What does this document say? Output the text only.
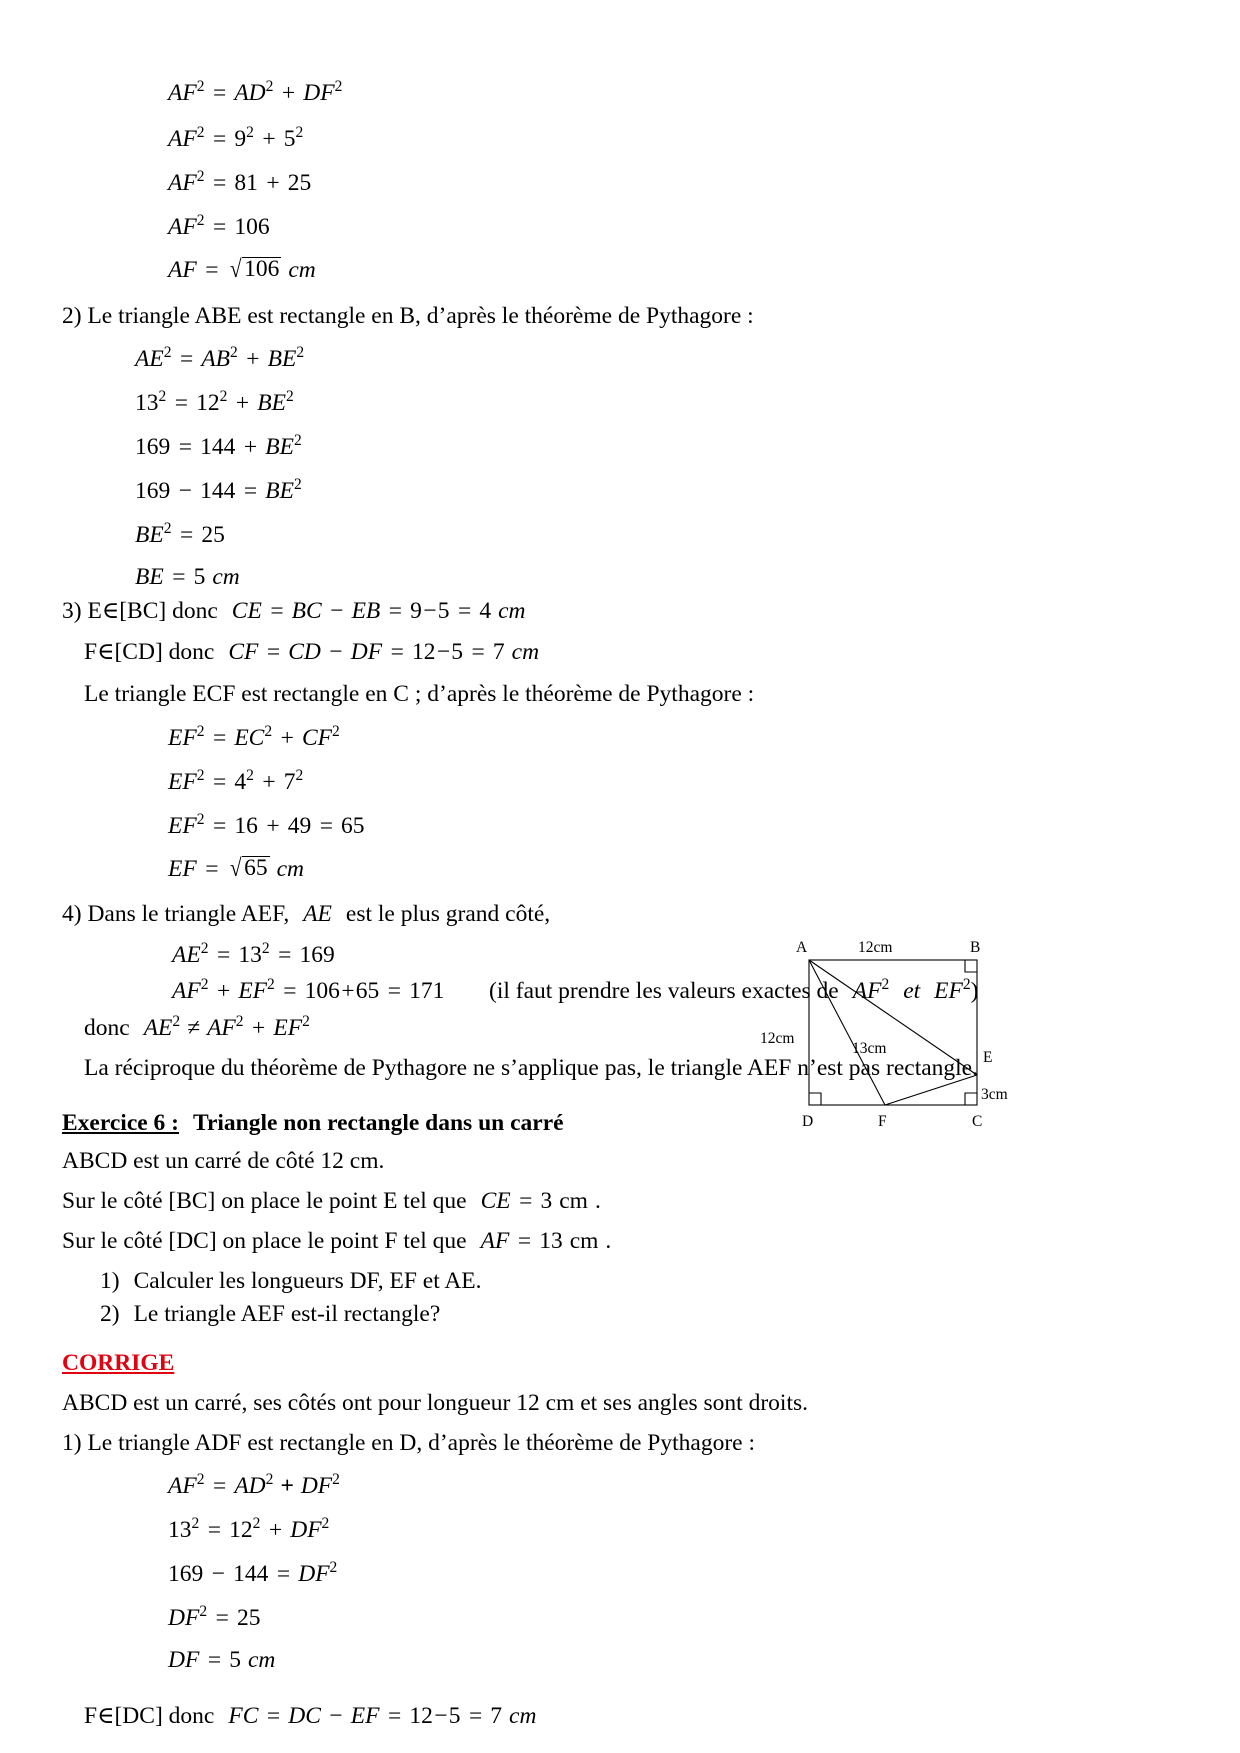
$AF^2 = AD^2 + DF^2$
$AF^2 = 9^2 + 5^2$
$AF^2 = 81 + 25$
$AF^2 = 106$
AF = √ 106 cm
2) Le triangle ABE est rectangle en B, d’après le théorème de Pythagore :
$AE^2 = AB^2 + BE^2$
$13^2 = 12^2 + BE^2$
$169 = 144 + BE^2$
$169 - 144 = BE^2$
$BE^2 = 25$
BE = 5 cm
3) E∈[BC] donc CE = BC − EB = 9−5 = 4 cm
F∈[CD] donc CF = CD − DF = 12−5 = 7 cm
Le triangle ECF est rectangle en C ; d’après le théorème de Pythagore :
$EF^2 = EC^2 + CF^2$
$EF^2 = 4^2 + 7^2$
$EF^2 = 16 + 49 = 65$
EF = √ 65 cm
4) Dans le triangle AEF, AE est le plus grand côté,
$AE^2 = 13^2 = 169$
$AF^2 + EF^2 = 106+65 = 171$ (il faut prendre les valeurs exactes de $AF^2$ et $EF^2$)
donc $AE^2 \ne AF^2 + EF^2$
La réciproque du théorème de Pythagore ne s’applique pas, le triangle AEF n’est pas rectangle.
Exercice 6 : Triangle non rectangle dans un carré
ABCD est un carré de côté 12 cm.
Sur le côté [BC] on place le point E tel que CE = 3 cm .
Sur le côté [DC] on place le point F tel que AF = 13 cm .
1) Calculer les longueurs DF, EF et AE.
2) Le triangle AEF est-il rectangle?
A	B
D	C
E
F
12cm
12cm
13cm
3cm
CORRIGE
ABCD est un carré, ses côtés ont pour longueur 12 cm et ses angles sont droits.
1) Le triangle ADF est rectangle en D, d’après le théorème de Pythagore :
$AF^2 = AD^2 + DF^2$
$13^2 = 12^2 + DF^2$
$169 - 144 = DF^2$
$DF^2 = 25$
DF = 5 cm
F∈[DC] donc FC = DC − EF = 12−5 = 7 cm
